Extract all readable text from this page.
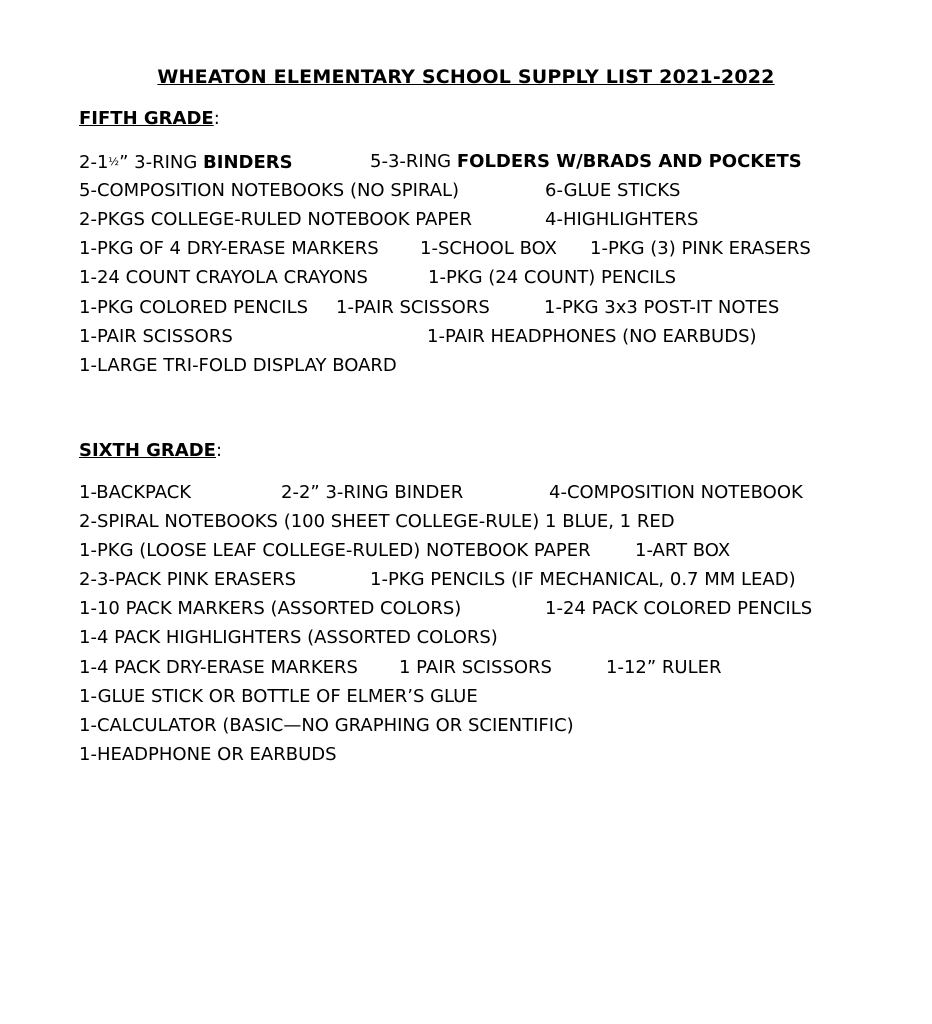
WHEATON ELEMENTARY SCHOOL SUPPLY LIST 2021-2022
FIFTH GRADE:
2-1½” 3-RING BINDERS	5-3-RING FOLDERS W/BRADS AND POCKETS
5-COMPOSITION NOTEBOOKS (NO SPIRAL)	6-GLUE STICKS
2-PKGS COLLEGE-RULED NOTEBOOK PAPER	4-HIGHLIGHTERS
1-PKG OF 4 DRY-ERASE MARKERS 1-SCHOOL BOX 1-PKG (3) PINK ERASERS
1-24 COUNT CRAYOLA CRAYONS	1-PKG (24 COUNT) PENCILS
1-PKG COLORED PENCILS 1-PAIR SCISSORS	1-PKG 3x3 POST-IT NOTES
1-PAIR SCISSORS	1-PAIR HEADPHONES (NO EARBUDS)
1-LARGE TRI-FOLD DISPLAY BOARD
SIXTH GRADE:
1-BACKPACK	2-2” 3-RING BINDER	4-COMPOSITION NOTEBOOK
2-SPIRAL NOTEBOOKS (100 SHEET COLLEGE-RULE) 1 BLUE, 1 RED
1-PKG (LOOSE LEAF COLLEGE-RULED) NOTEBOOK PAPER 1-ART BOX
2-3-PACK PINK ERASERS	1-PKG PENCILS (IF MECHANICAL, 0.7 MM LEAD)
1-10 PACK MARKERS (ASSORTED COLORS)	1-24 PACK COLORED PENCILS
1-4 PACK HIGHLIGHTERS (ASSORTED COLORS)
1-4 PACK DRY-ERASE MARKERS 1 PAIR SCISSORS	1-12” RULER
1-GLUE STICK OR BOTTLE OF ELMER’S GLUE
1-CALCULATOR (BASIC—NO GRAPHING OR SCIENTIFIC)
1-HEADPHONE OR EARBUDS
